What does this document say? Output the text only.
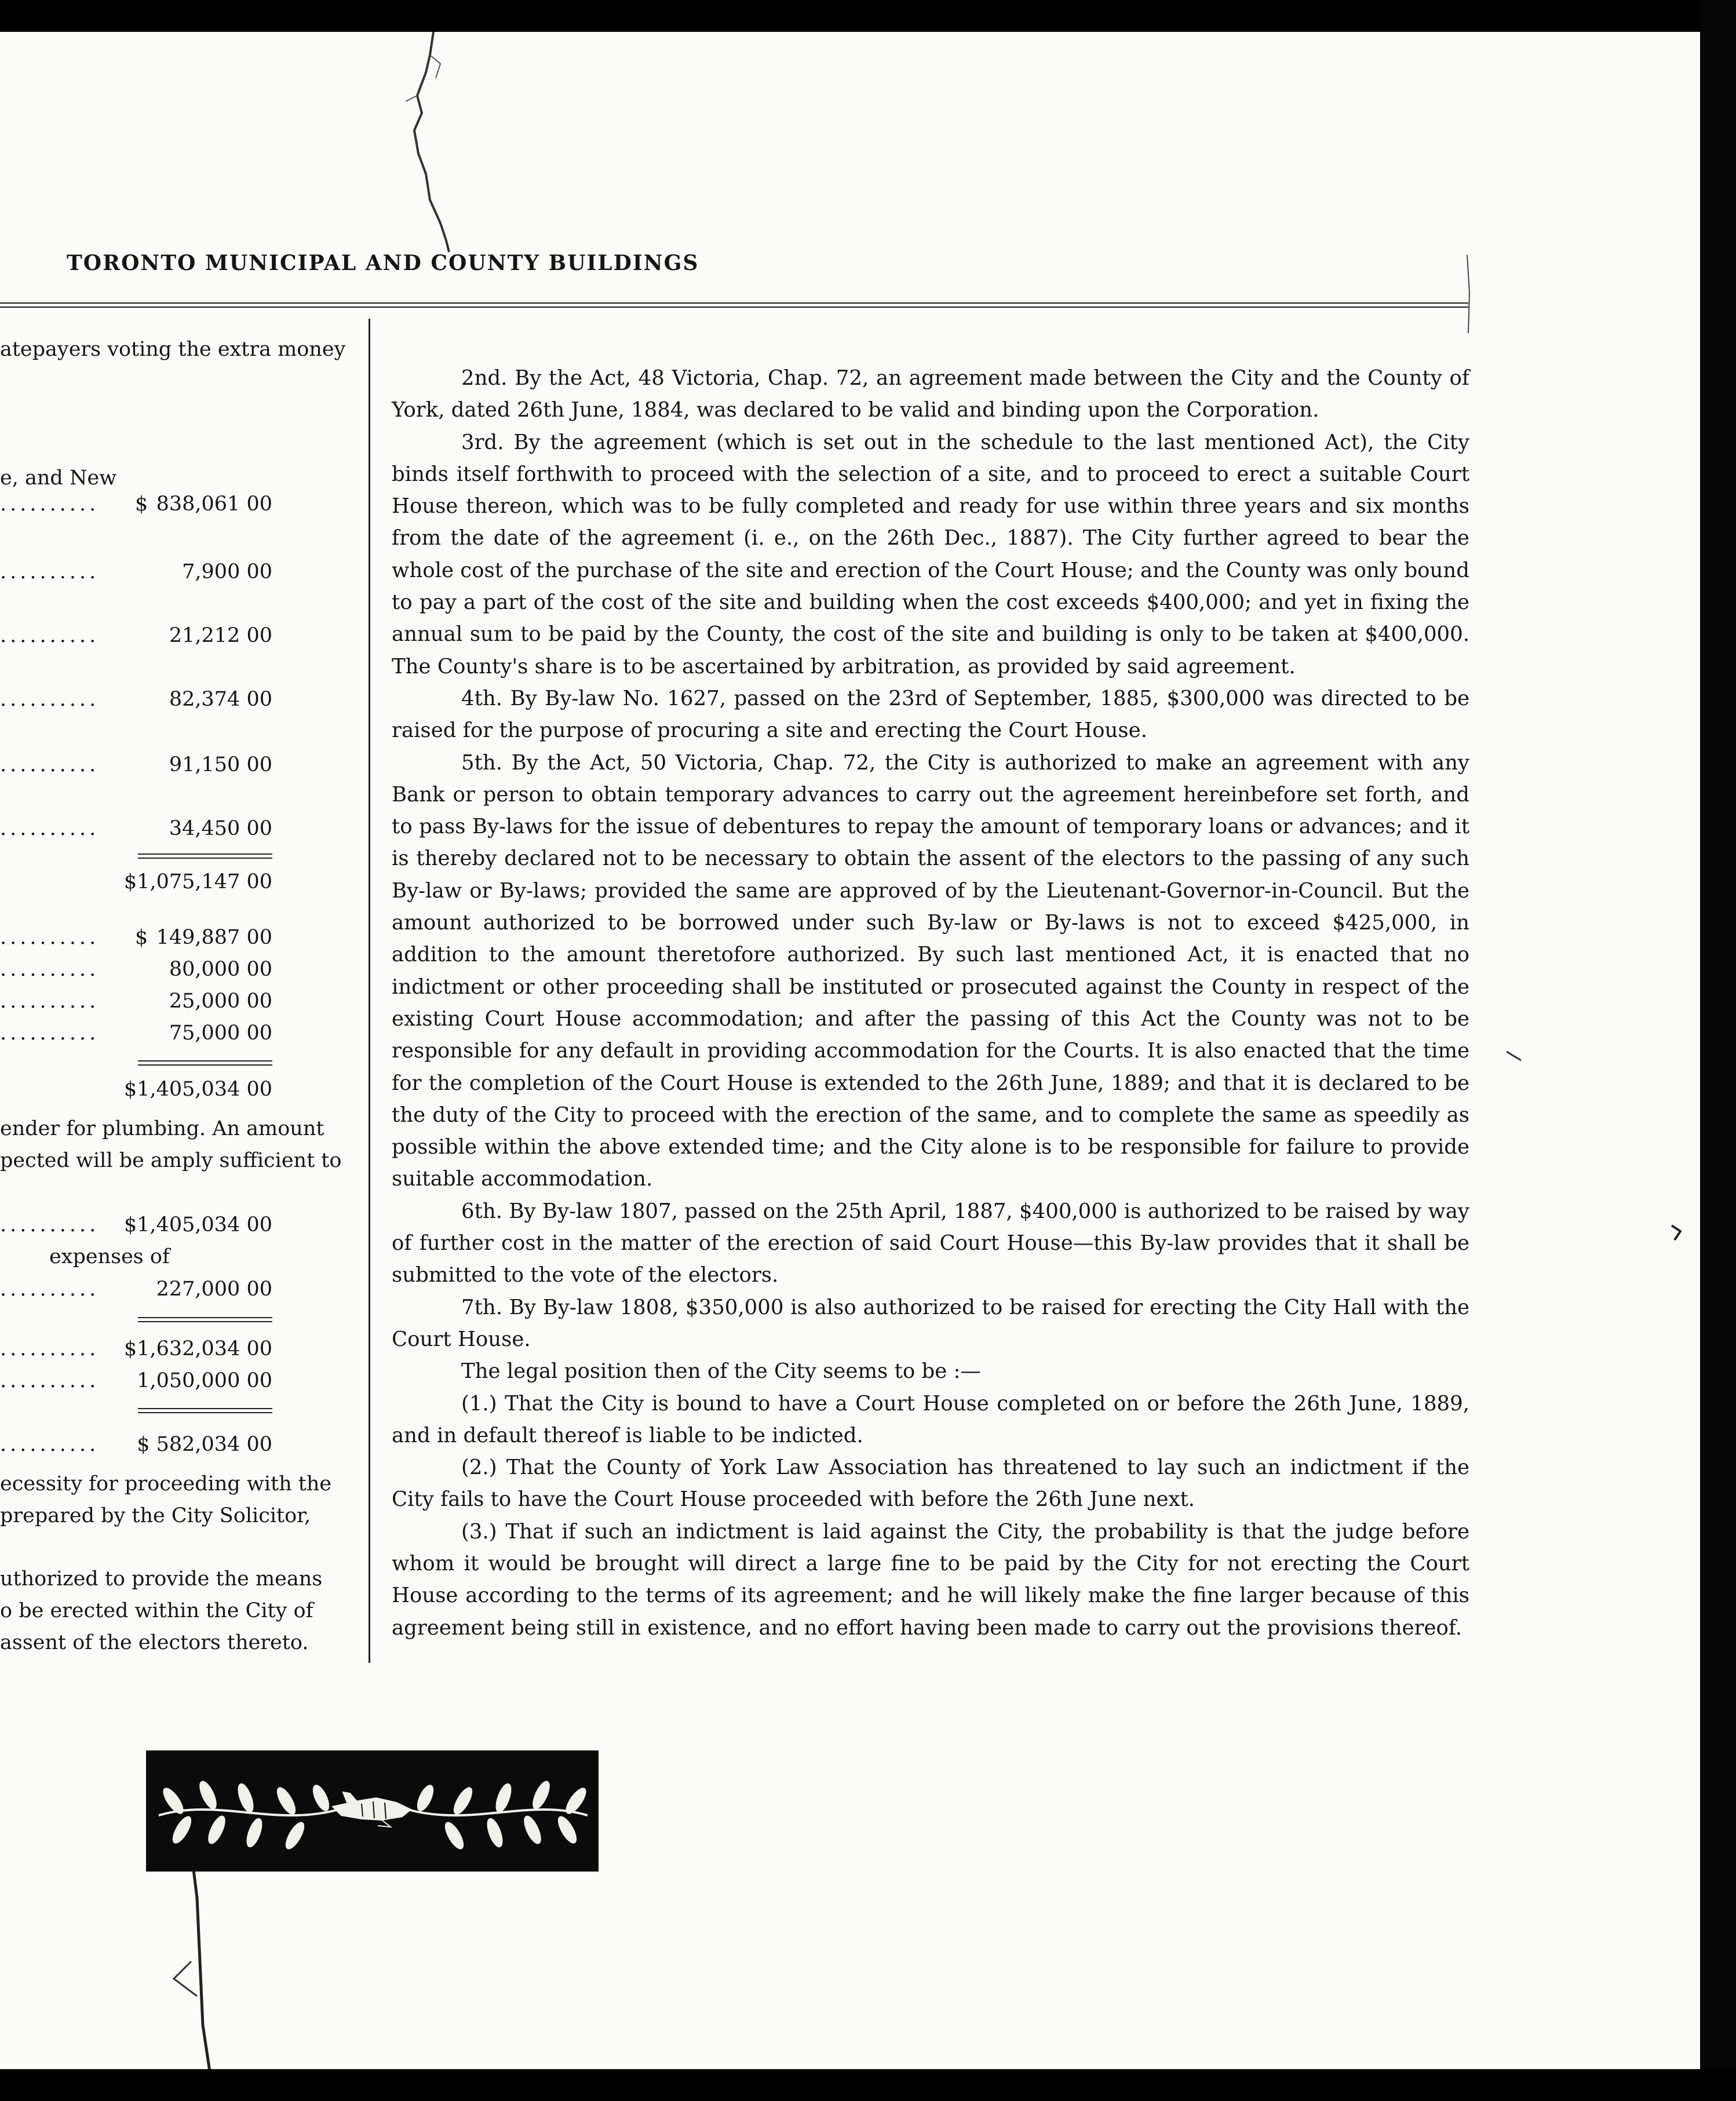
TORONTO MUNICIPAL AND COUNTY BUILDINGS
atepayers voting the extra money
e, and New
.......... $ 838,061 00
..........	7,900 00
..........	21,212 00
..........	82,374 00
..........	91,150 00
..........	34,450 00
$1,075,147 00
.......... $ 149,887 00
..........	80,000 00
..........	25,000 00
..........	75,000 00
$1,405,034 00
ender for plumbing. An amount
pected will be amply sufficient to
.......... $1,405,034 00
expenses of
..........	227,000 00
.......... $1,632,034 00
.......... 1,050,000 00
.......... $ 582,034 00
ecessity for proceeding with the
prepared by the City Solicitor,
uthorized to provide the means
o be erected within the City of
assent of the electors thereto.

2nd. By the Act, 48 Victoria, Chap. 72, an agreement made between the City and the County of York, dated 26th June, 1884, was declared to be valid and binding upon the Corporation.

3rd. By the agreement (which is set out in the schedule to the last mentioned Act), the City binds itself forthwith to proceed with the selection of a site, and to proceed to erect a suitable Court House thereon, which was to be fully completed and ready for use within three years and six months from the date of the agreement (i. e., on the 26th Dec., 1887). The City further agreed to bear the whole cost of the purchase of the site and erection of the Court House; and the County was only bound to pay a part of the cost of the site and building when the cost exceeds $400,000; and yet in fixing the annual sum to be paid by the County, the cost of the site and building is only to be taken at $400,000. The County's share is to be ascertained by arbitration, as provided by said agreement.

4th. By By-law No. 1627, passed on the 23rd of September, 1885, $300,000 was directed to be raised for the purpose of procuring a site and erecting the Court House.

5th. By the Act, 50 Victoria, Chap. 72, the City is authorized to make an agreement with any Bank or person to obtain temporary advances to carry out the agreement hereinbefore set forth, and to pass By-laws for the issue of debentures to repay the amount of temporary loans or advances; and it is thereby declared not to be necessary to obtain the assent of the electors to the passing of any such By-law or By-laws; provided the same are approved of by the Lieutenant-Governor-in-Council. But the amount authorized to be borrowed under such By-law or By-laws is not to exceed $425,000, in addition to the amount theretofore authorized. By such last mentioned Act, it is enacted that no indictment or other proceeding shall be instituted or prosecuted against the County in respect of the existing Court House accommodation; and after the passing of this Act the County was not to be responsible for any default in providing accommodation for the Courts. It is also enacted that the time for the completion of the Court House is extended to the 26th June, 1889; and that it is declared to be the duty of the City to proceed with the erection of the same, and to complete the same as speedily as possible within the above extended time; and the City alone is to be responsible for failure to provide suitable accommodation.

6th. By By-law 1807, passed on the 25th April, 1887, $400,000 is authorized to be raised by way of further cost in the matter of the erection of said Court House—this By-law provides that it shall be submitted to the vote of the electors.

7th. By By-law 1808, $350,000 is also authorized to be raised for erecting the City Hall with the Court House.

The legal position then of the City seems to be :—

(1.) That the City is bound to have a Court House completed on or before the 26th June, 1889, and in default thereof is liable to be indicted.

(2.) That the County of York Law Association has threatened to lay such an indictment if the City fails to have the Court House proceeded with before the 26th June next.

(3.) That if such an indictment is laid against the City, the probability is that the judge before whom it would be brought will direct a large fine to be paid by the City for not erecting the Court House according to the terms of its agreement; and he will likely make the fine larger because of this agreement being still in existence, and no effort having been made to carry out the provisions thereof.
